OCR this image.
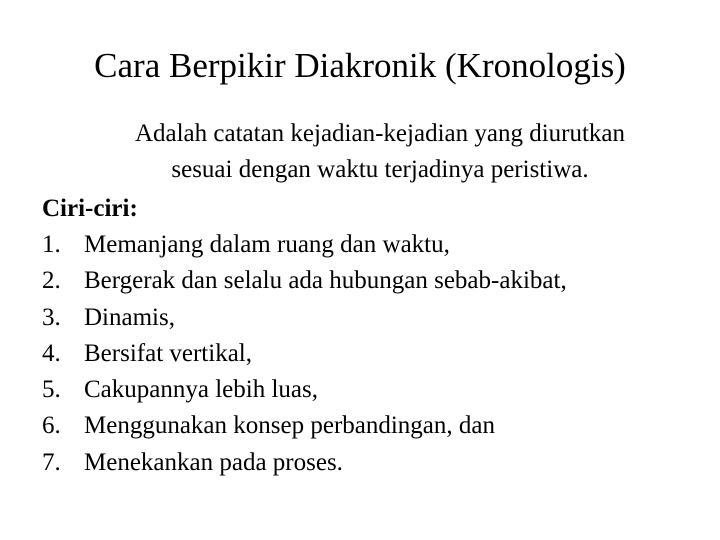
Cara Berpikir Diakronik (Kronologis)
Adalah catatan kejadian-kejadian yang diurutkan
sesuai dengan waktu terjadinya peristiwa.
Ciri-ciri:
1. Memanjang dalam ruang dan waktu,
2. Bergerak dan selalu ada hubungan sebab-akibat,
3. Dinamis,
4. Bersifat vertikal,
5. Cakupannya lebih luas,
6. Menggunakan konsep perbandingan, dan
7. Menekankan pada proses.
